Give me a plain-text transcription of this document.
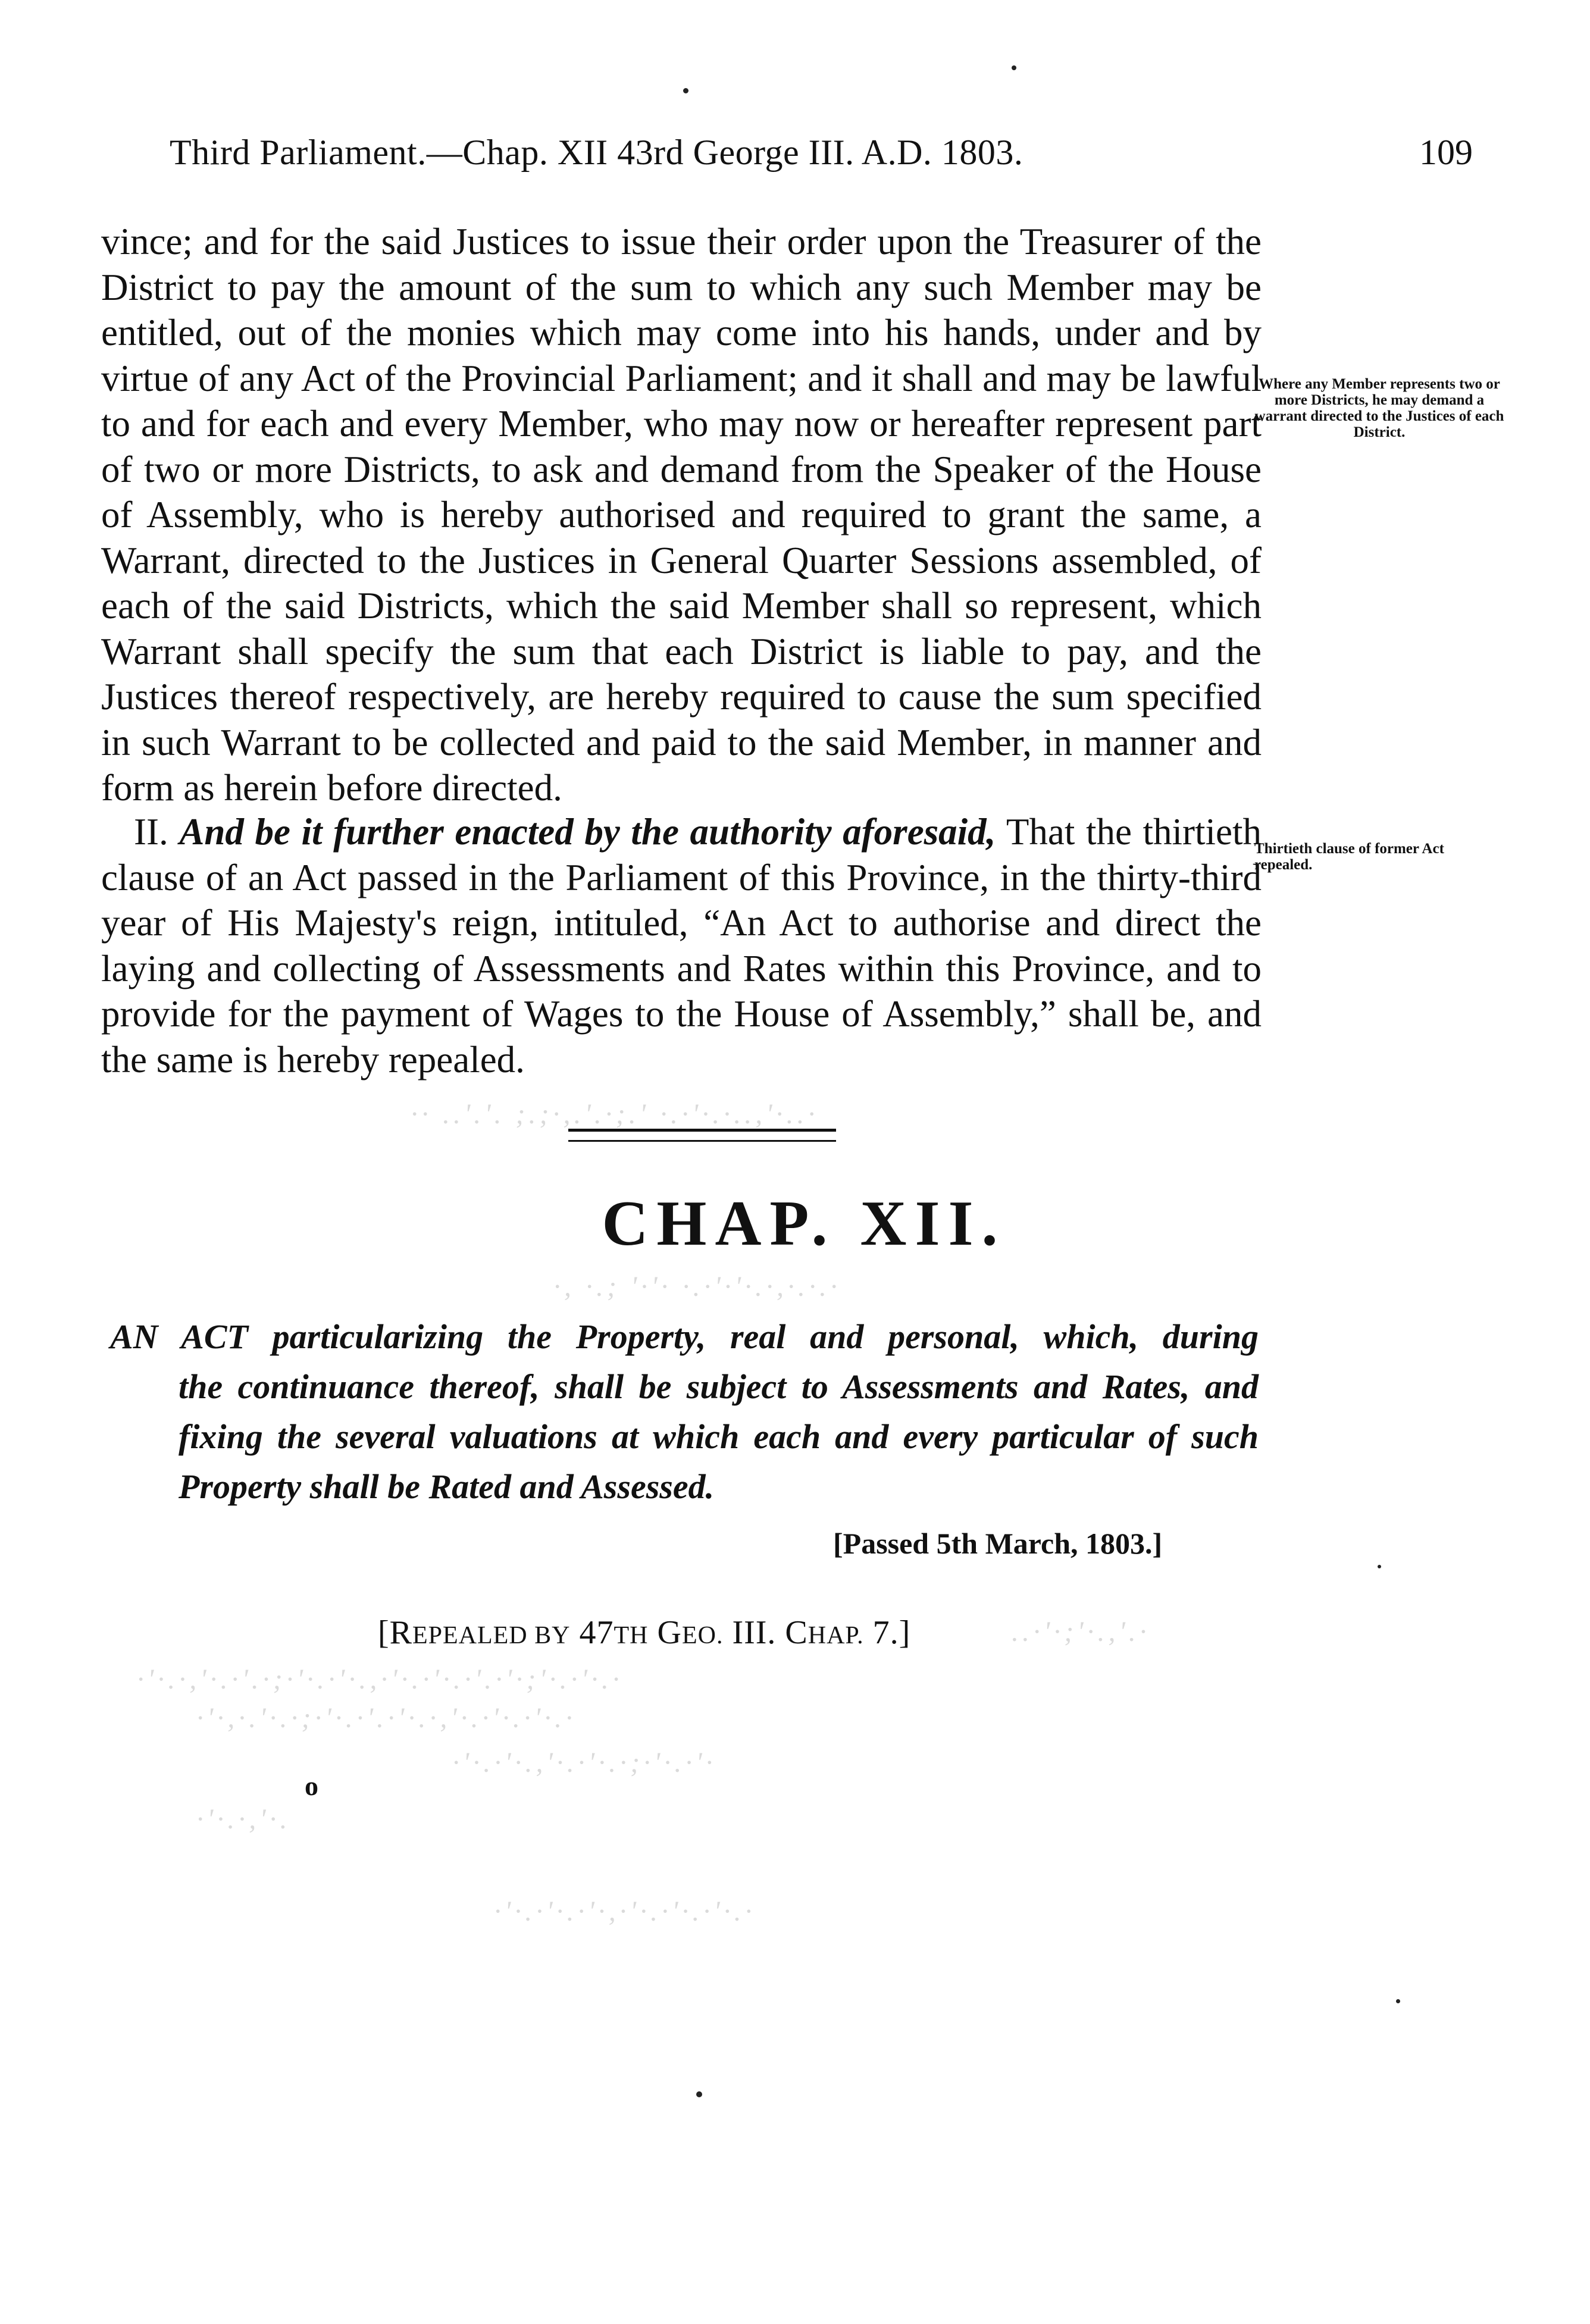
·· ..'.'. ;.;·,.'.·;.' ·.·'·.·..,'·..·
·, ·.; '·'· ·.·'·'·.·,·.·.·
..·'·;'·.,'.·
·'·.·,'·.·'.·;·'·.·'·.,·'·.·'·.·'.·'·;'·.·'·.·
·'·,·.'·.·;·'·.·'.·'·.·,'·.·'·.·'·.·
·'·.·'·.,'·.·'·.·;·'·.·'·
·'·.·,'·.
·'·.·'·.·'·,·'·.·'·.·'·.·
Third Parliament.—Chap. XII 43rd George III. A.D. 1803.	109
vince; and for the said Justices to issue their order upon the Treasurer of the District to pay the amount of the sum to which any such Member may be entitled, out of the monies which may come into his hands, under and by virtue of any Act of the Provincial Parliament; and it shall and may be lawful to and for each and every Member, who may now or hereafter represent part of two or more Districts, to ask and demand from the Speaker of the House of Assembly, who is hereby authorised and required to grant the same, a Warrant, directed to the Justices in General Quarter Sessions assembled, of each of the said Districts, which the said Member shall so represent, which Warrant shall specify the sum that each District is liable to pay, and the Justices thereof respectively, are hereby required to cause the sum specified in such Warrant to be collected and paid to the said Member, in manner and form as herein before directed.
Where any Member represents two or more Districts, he may demand a warrant directed to the Justices of each District.
II. And be it further enacted by the authority aforesaid, That the thirtieth clause of an Act passed in the Parliament of this Province, in the thirty-third year of His Majesty's reign, intituled, “An Act to authorise and direct the laying and collecting of Assessments and Rates within this Province, and to provide for the payment of Wages to the House of Assembly,” shall be, and the same is hereby repealed.
Thirtieth clause of former Act repealed.
CHAP. XII.
AN ACT particularizing the Property, real and personal, which, during
the continuance thereof, shall be subject to Assessments and Rates, and
fixing the several valuations at which each and every particular of such
Property shall be Rated and Assessed.
[Passed 5th March, 1803.]
[REPEALED BY 47TH GEO. III. CHAP. 7.]
o
